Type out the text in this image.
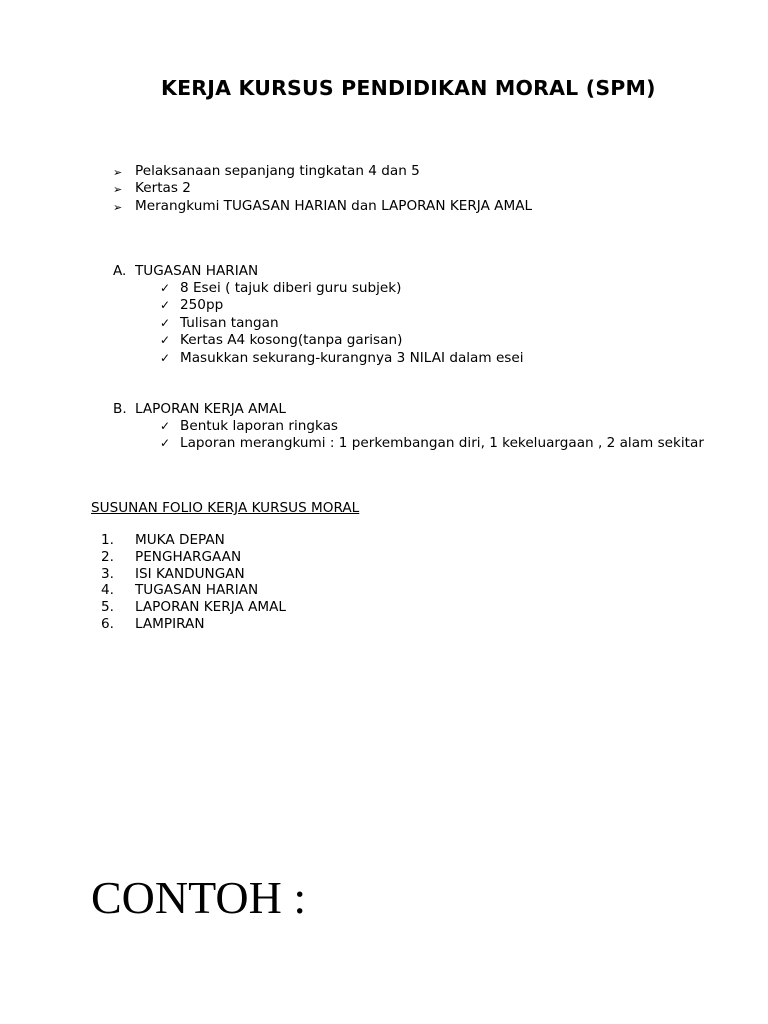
KERJA KURSUS PENDIDIKAN MORAL (SPM)
➢ Pelaksanaan sepanjang tingkatan 4 dan 5
➢ Kertas 2
➢ Merangkumi TUGASAN HARIAN dan LAPORAN KERJA AMAL
A. TUGASAN HARIAN
✓ 8 Esei ( tajuk diberi guru subjek)
✓ 250pp
✓ Tulisan tangan
✓ Kertas A4 kosong(tanpa garisan)
✓ Masukkan sekurang-kurangnya 3 NILAI dalam esei
B. LAPORAN KERJA AMAL
✓ Bentuk laporan ringkas
✓ Laporan merangkumi : 1 perkembangan diri, 1 kekeluargaan , 2 alam sekitar
SUSUNAN FOLIO KERJA KURSUS MORAL
1. MUKA DEPAN
2. PENGHARGAAN
3. ISI KANDUNGAN
4. TUGASAN HARIAN
5. LAPORAN KERJA AMAL
6. LAMPIRAN
CONTOH :
